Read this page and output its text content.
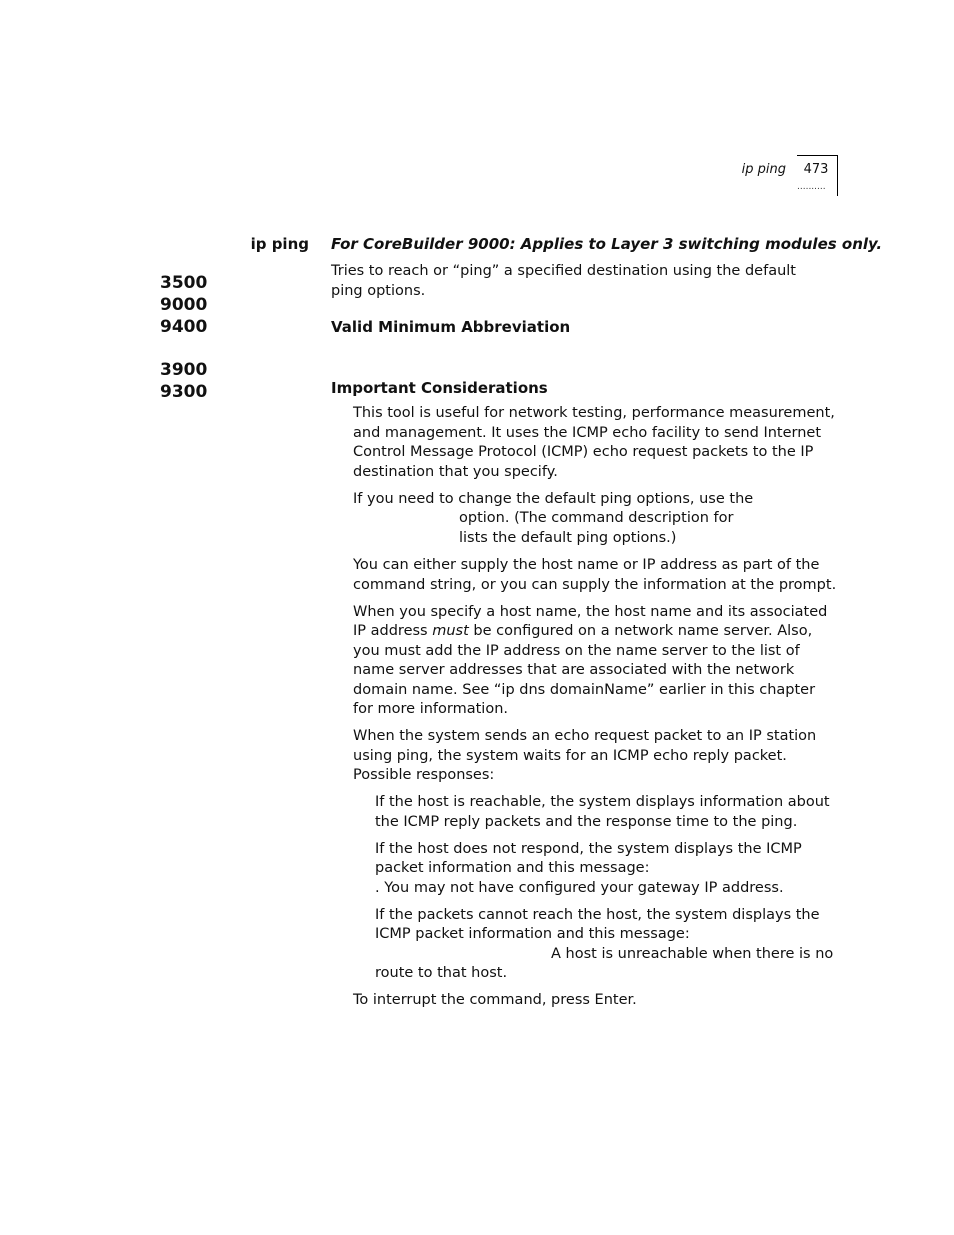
ip ping	473
..........
ip ping For CoreBuilder 9000: Applies to Layer 3 switching modules only.
3500
9000
9400
3900
9300

Tries to reach or “ping” a specified destination using the default ping options.

Valid Minimum Abbreviation
Important Considerations

This tool is useful for network testing, performance measurement, and management. It uses the ICMP echo facility to send Internet Control Message Protocol (ICMP) echo request packets to the IP destination that you specify.

If you need to change the default ping options, use the
option. (The command description for
lists the default ping options.)

You can either supply the host name or IP address as part of the command string, or you can supply the information at the prompt.

When you specify a host name, the host name and its associated IP address must be configured on a network name server. Also, you must add the IP address on the name server to the list of name server addresses that are associated with the network domain name. See “ip dns domainName” earlier in this chapter for more information.

When the system sends an echo request packet to an IP station using ping, the system waits for an ICMP echo reply packet. Possible responses:

If the host is reachable, the system displays information about the ICMP reply packets and the response time to the ping.

If the host does not respond, the system displays the ICMP packet information and this message:. You may not have configured your gateway IP address.

If the packets cannot reach the host, the system displays the ICMP packet information and this message:A host is unreachable when there is no route to that host.

To interrupt the command, press Enter.
